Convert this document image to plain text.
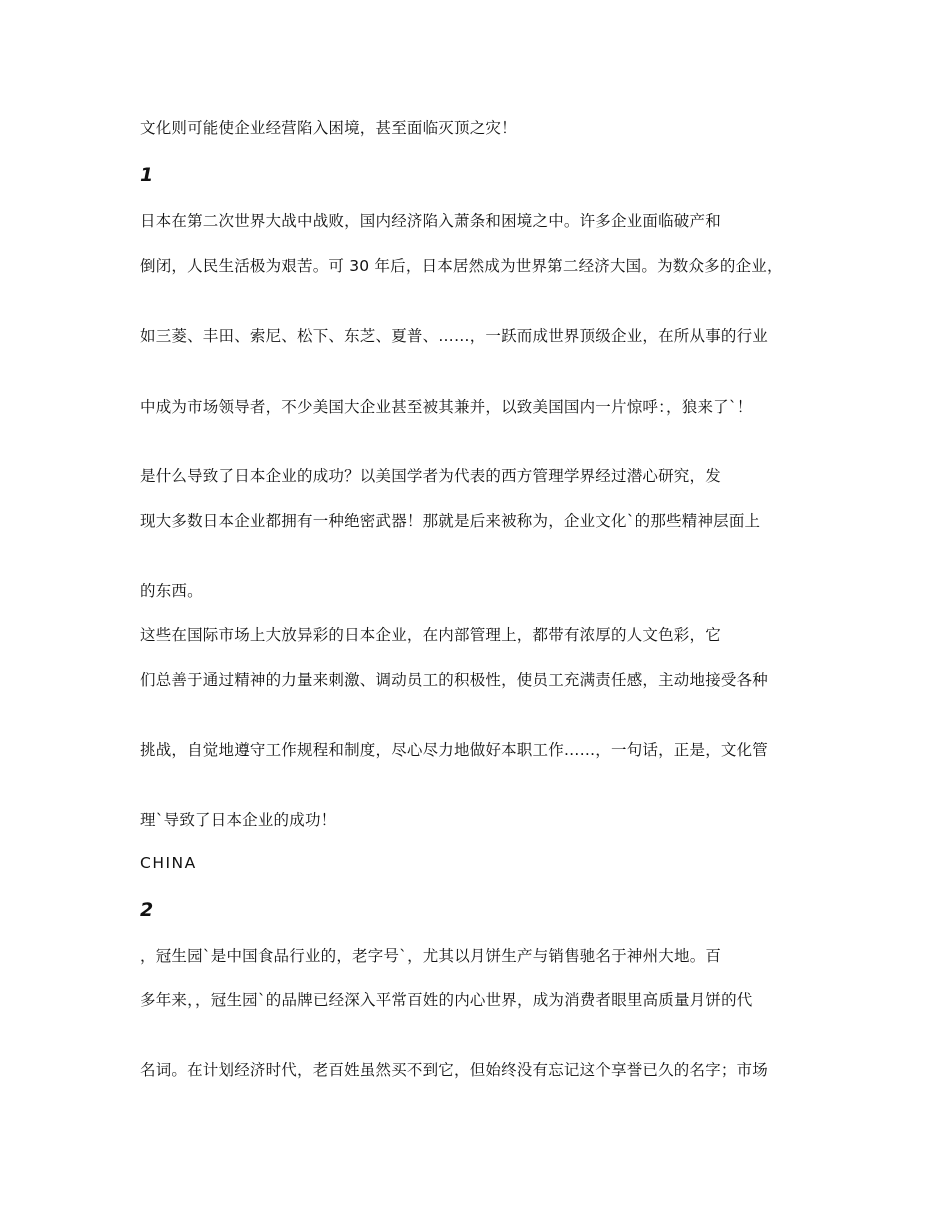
文化则可能使企业经营陷入困境，甚至面临灭顶之灾！
1
日本在第二次世界大战中战败，国内经济陷入萧条和困境之中。许多企业面临破产和
倒闭，人民生活极为艰苦。可 30 年后，日本居然成为世界第二经济大国。为数众多的企业，
如三菱、丰田、索尼、松下、东芝、夏普、……，一跃而成世界顶级企业，在所从事的行业
中成为市场领导者，不少美国大企业甚至被其兼并，以致美国国内一片惊呼：，狼来了`！
是什么导致了日本企业的成功？以美国学者为代表的西方管理学界经过潜心研究，发
现大多数日本企业都拥有一种绝密武器！那就是后来被称为，企业文化`的那些精神层面上
的东西。
这些在国际市场上大放异彩的日本企业，在内部管理上，都带有浓厚的人文色彩，它
们总善于通过精神的力量来刺激、调动员工的积极性，使员工充满责任感，主动地接受各种
挑战，自觉地遵守工作规程和制度，尽心尽力地做好本职工作……，一句话，正是，文化管
理`导致了日本企业的成功！
CHINA
2
，冠生园`是中国食品行业的，老字号`，尤其以月饼生产与销售驰名于神州大地。百
多年来，，冠生园`的品牌已经深入平常百姓的内心世界，成为消费者眼里高质量月饼的代
名词。在计划经济时代，老百姓虽然买不到它，但始终没有忘记这个享誉已久的名字；市场
